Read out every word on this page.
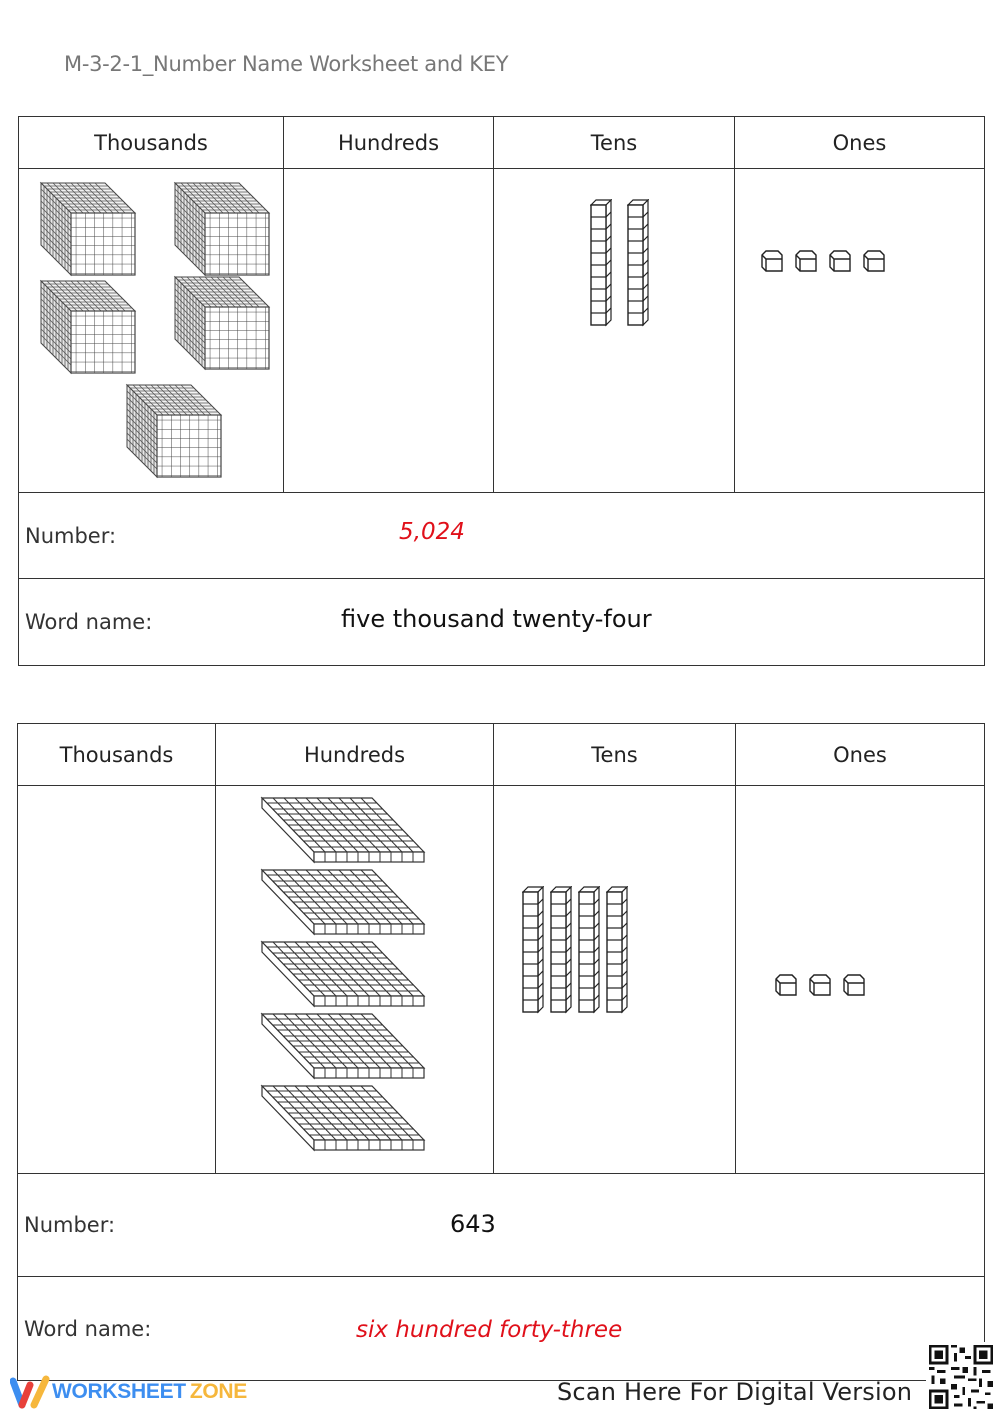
M-3-2-1_Number Name Worksheet and KEY
Thousands	Hundreds	Tens	Ones

Number: 5,024			

Word name: five thousand twenty-four			
Thousands	Hundreds	Tens	Ones

Number: 643			

Word name: six hundred forty-three			
WORKSHEET ZONE	Scan Here For Digital Version
